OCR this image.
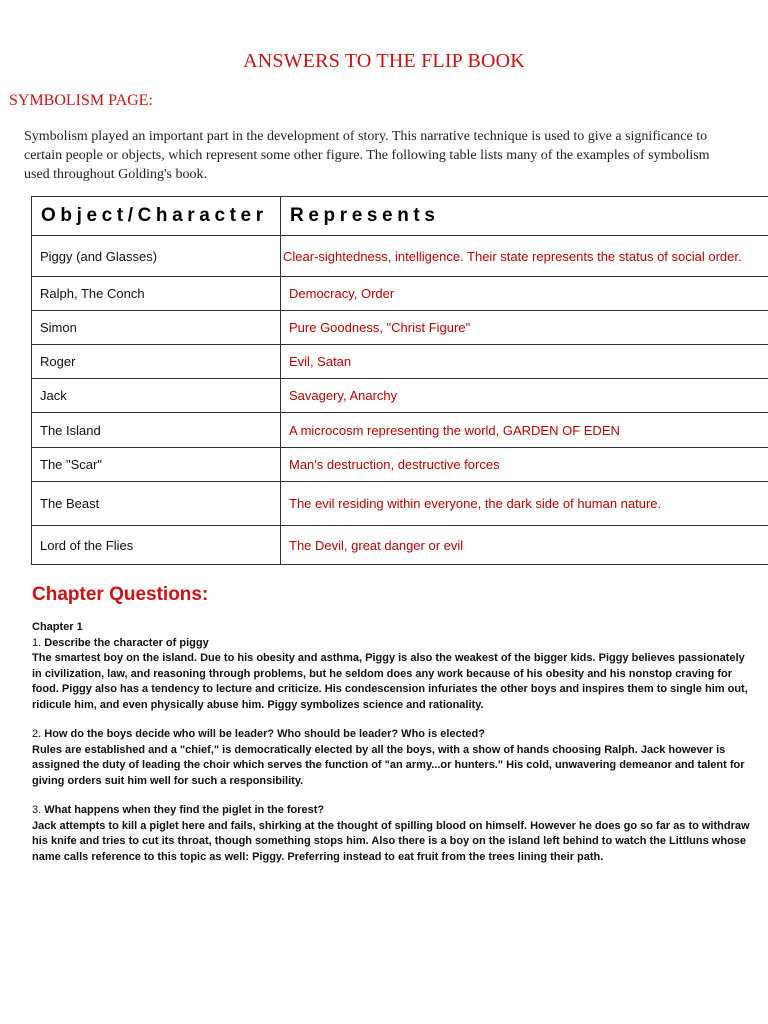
ANSWERS TO THE FLIP BOOK
SYMBOLISM PAGE:

Symbolism played an important part in the development of story. This narrative technique is used to give a significance to certain people or objects, which represent some other figure. The following table lists many of the examples of symbolism used throughout Golding's book.

Object/Character	Represents
Piggy (and Glasses)	Clear-sightedness, intelligence. Their state represents the status of social order.
Ralph, The Conch	Democracy, Order
Simon	Pure Goodness, "Christ Figure"
Roger	Evil, Satan
Jack	Savagery, Anarchy
The Island	A microcosm representing the world, GARDEN OF EDEN
The "Scar"	Man's destruction, destructive forces
The Beast	The evil residing within everyone, the dark side of human nature.
Lord of the Flies	The Devil, great danger or evil
Chapter Questions:
Chapter 1
1. Describe the character of piggy
The smartest boy on the island. Due to his obesity and asthma, Piggy is also the weakest of the bigger kids. Piggy believes passionately in civilization, law, and reasoning through problems, but he seldom does any work because of his obesity and his nonstop craving for food. Piggy also has a tendency to lecture and criticize. His condescension infuriates the other boys and inspires them to single him out, ridicule him, and even physically abuse him. Piggy symbolizes science and rationality.
2. How do the boys decide who will be leader? Who should be leader? Who is elected?
Rules are established and a "chief," is democratically elected by all the boys, with a show of hands choosing Ralph. Jack however is assigned the duty of leading the choir which serves the function of "an army...or hunters." His cold, unwavering demeanor and talent for giving orders suit him well for such a responsibility.
3. What happens when they find the piglet in the forest?
Jack attempts to kill a piglet here and fails, shirking at the thought of spilling blood on himself. However he does go so far as to withdraw his knife and tries to cut its throat, though something stops him. Also there is a boy on the island left behind to watch the Littluns whose name calls reference to this topic as well: Piggy. Preferring instead to eat fruit from the trees lining their path.
